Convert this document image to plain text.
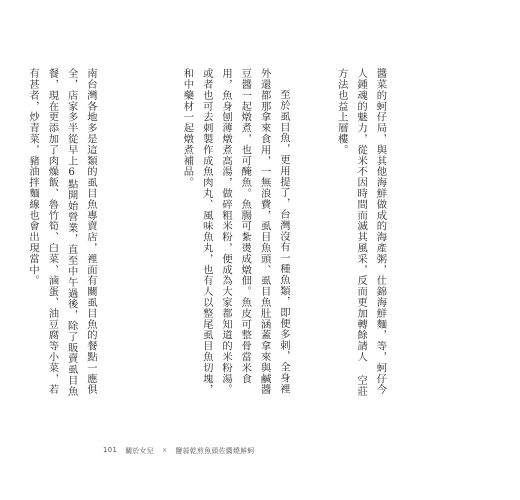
醬菜的蚵仔局，與其他海鮮做成的海產粥，仕錦海鮮麵，等，蚵仔今人鍾魂的魅力，從米不因時間而滅其風采，反而更加轉餘請人 空莊方法也益上層樓。

至於虱目魚，更用提了，台灣沒有一種魚類，即便多刺，全身裡外還都那拿來食用，一無浪費，虱目魚頭、虱目魚肚涵蓋拿來與鹹醬豆醬一起燉煮，也可醃魚。魚腸可紮燙成燉佃。魚皮可整骨當米食用，魚身刨薄燉煮高湯，做碎粗米粉，便成為大家都知道的米粉湯。或者也可去刺製作成魚肉丸、風味魚丸，也有人以整尾虱目魚切塊，和中藥材一起燉煮補品。

南台灣各地多是這類的虱目魚專賣店，裡面有關虱目魚的餐點一應俱全，店家多半從早上6點開始營業，直至中午過後，除了販賣虱目魚餐，現在更添加了肉燥飯、魯竹筍、白菜、滷蛋、油豆腐等小菜，若有甚者，炒青菜，豬油拌麵線也會出現當中。

101 關於女兒 × 鹽蒜乾煎魚頭佐醬燒鮮蚵
